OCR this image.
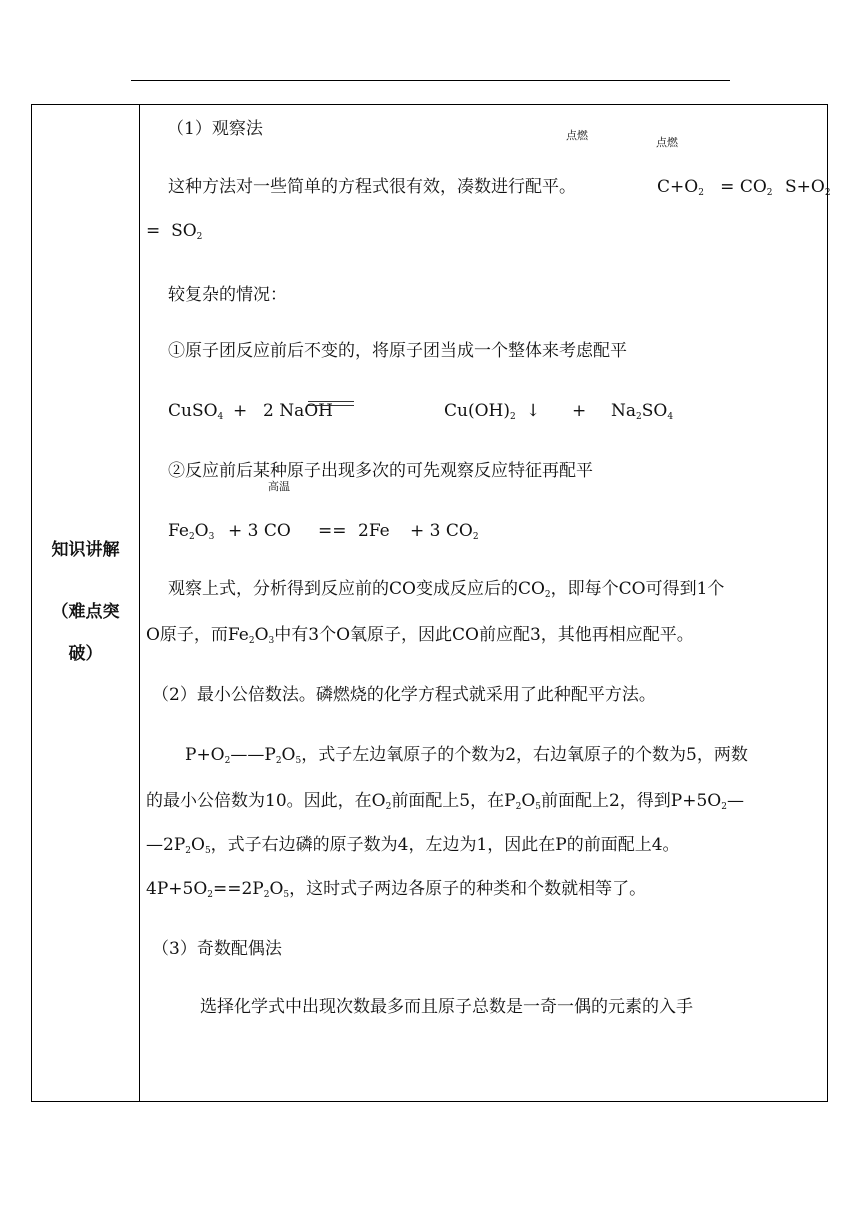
知识讲解
（难点突
破）
（1）观察法	点燃
点燃
这种方法对一些简单的方程式很有效，凑数进行配平。	$C+O_2 = CO_2$ $S+O_2$
= $SO_2$
较复杂的情况：
①原子团反应前后不变的，将原子团当成一个整体来考虑配平
CuSO$_4$ + 2 NaOH	$Cu(OH)_2$ ↓ + $Na_2SO_4$
②反应前后某种原子出现多次的可先观察反应特征再配平
高温
$Fe_2O_3 + 3$ CO == 2Fe + 3 $CO_2$
观察上式，分析得到反应前的CO变成反应后的$CO_2$，即每个CO可得到1个
O原子，而$Fe_2O_3$中有3个O氧原子，因此CO前应配3，其他再相应配平。
（2）最小公倍数法。磷燃烧的化学方程式就采用了此种配平方法。
$P+O_2——P_2O_5$，式子左边氧原子的个数为2，右边氧原子的个数为5，两数
的最小公倍数为10。因此，在$O_2$前面配上5，在$P_2O_5$前面配上2，得到$P+5O_2—$
$—2P_2O_5$，式子右边磷的原子数为4，左边为1，因此在P的前面配上4。
$4P+5O_2==2P_2O_5$，这时式子两边各原子的种类和个数就相等了。
（3）奇数配偶法
选择化学式中出现次数最多而且原子总数是一奇一偶的元素的入手
